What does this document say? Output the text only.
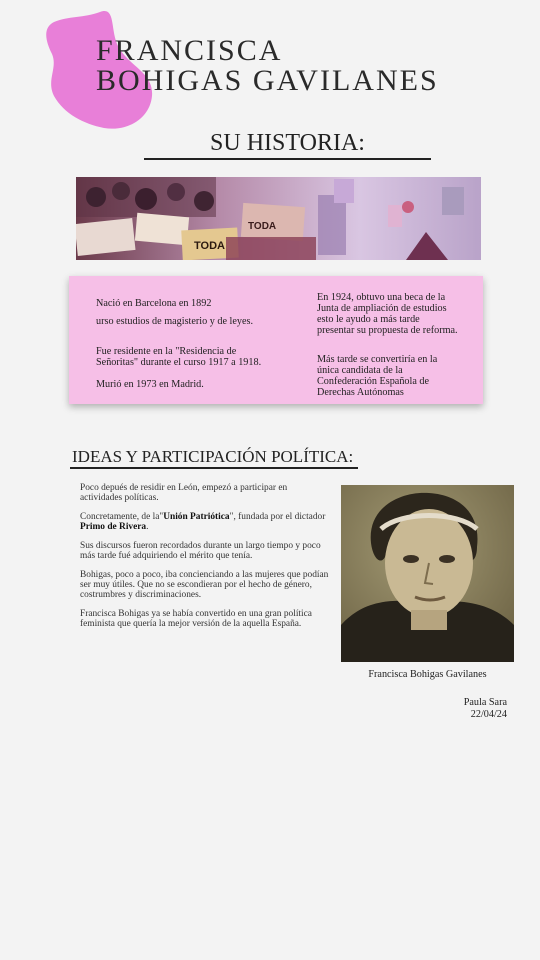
FRANCISCA
BOHIGAS GAVILANES
SU HISTORIA:
TODA
TODA

Nació en Barcelona en 1892

urso estudios de magisterio y de leyes.

Fue residente en la "Residencia de Señoritas" durante el curso 1917 a 1918.

Murió en 1973 en Madrid.

En 1924, obtuvo una beca de la Junta de ampliación de estudios esto le ayudo a más tarde presentar su propuesta de reforma.

Más tarde se convertiría en la única candidata de la Confederación Española de Derechas Autónomas

IDEAS Y PARTICIPACIÓN POLÍTICA:

Poco depués de residir en León, empezó a participar en actividades políticas.

Concretamente, de la"Unión Patriótica", fundada por el dictador Primo de Rivera.

Sus discursos fueron recordados durante un largo tiempo y poco más tarde fué adquiriendo el mérito que tenía.

Bohigas, poco a poco, iba concienciando a las mujeres que podían ser muy útiles. Que no se escondieran por el hecho de género, costrumbres y discriminaciones.

Francisca Bohigas ya se había convertido en una gran política feminista que quería la mejor versión de la aquella España.

Francisca Bohigas Gavilanes

Paula Sara
22/04/24
